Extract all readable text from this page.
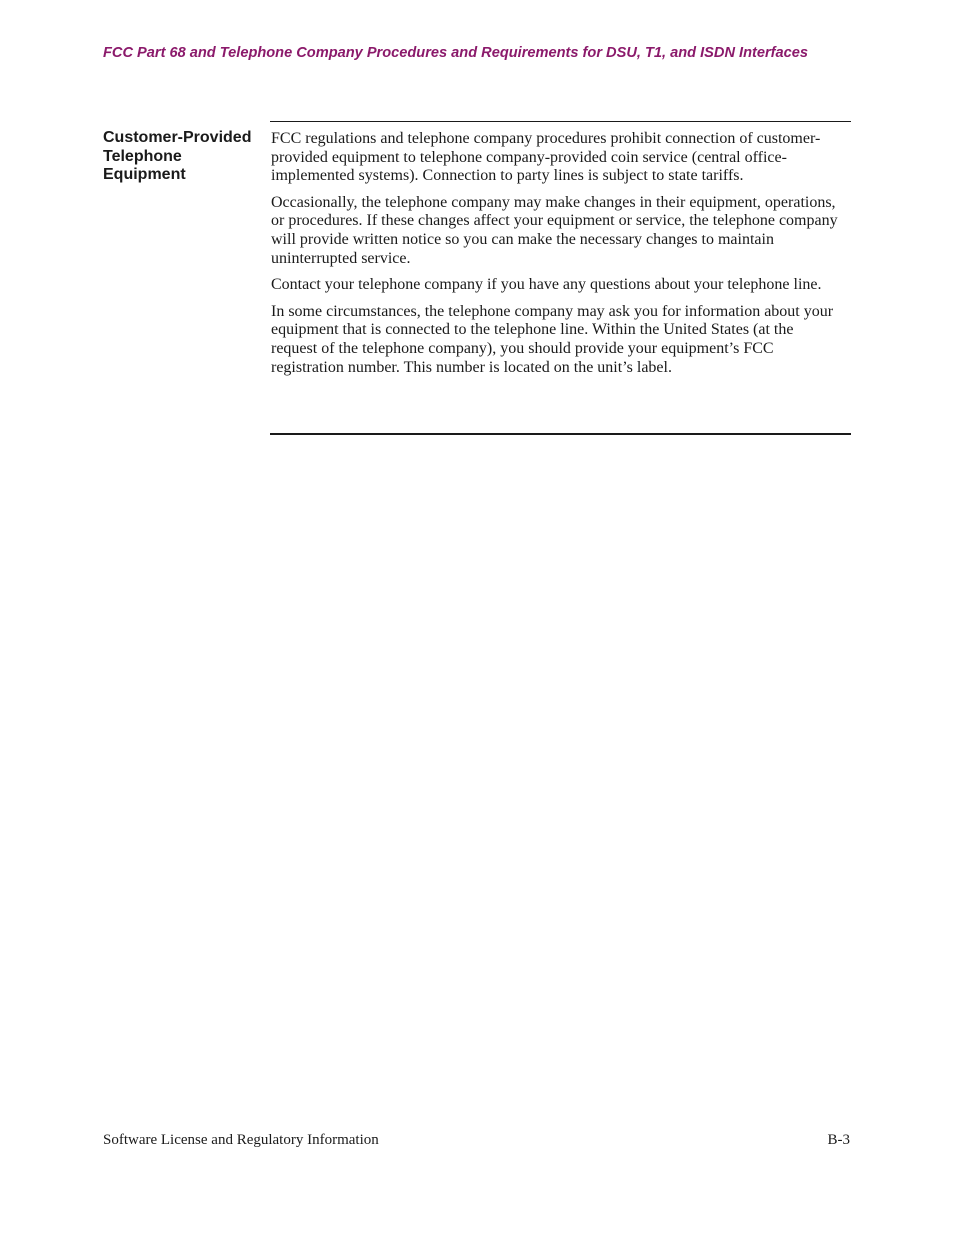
FCC Part 68 and Telephone Company Procedures and Requirements for DSU, T1, and ISDN Interfaces
Customer-Provided
Telephone
Equipment

FCC regulations and telephone company procedures prohibit connection of customer-provided equipment to telephone company-provided coin service (central office-implemented systems). Connection to party lines is subject to state tariffs.

Occasionally, the telephone company may make changes in their equipment, operations, or procedures. If these changes affect your equipment or service, the telephone company will provide written notice so you can make the necessary changes to maintain uninterrupted service.

Contact your telephone company if you have any questions about your telephone line.

In some circumstances, the telephone company may ask you for information about your equipment that is connected to the telephone line. Within the United States (at the request of the telephone company), you should provide your equipment’s FCC registration number. This number is located on the unit’s label.

Software License and Regulatory Information	B-3
